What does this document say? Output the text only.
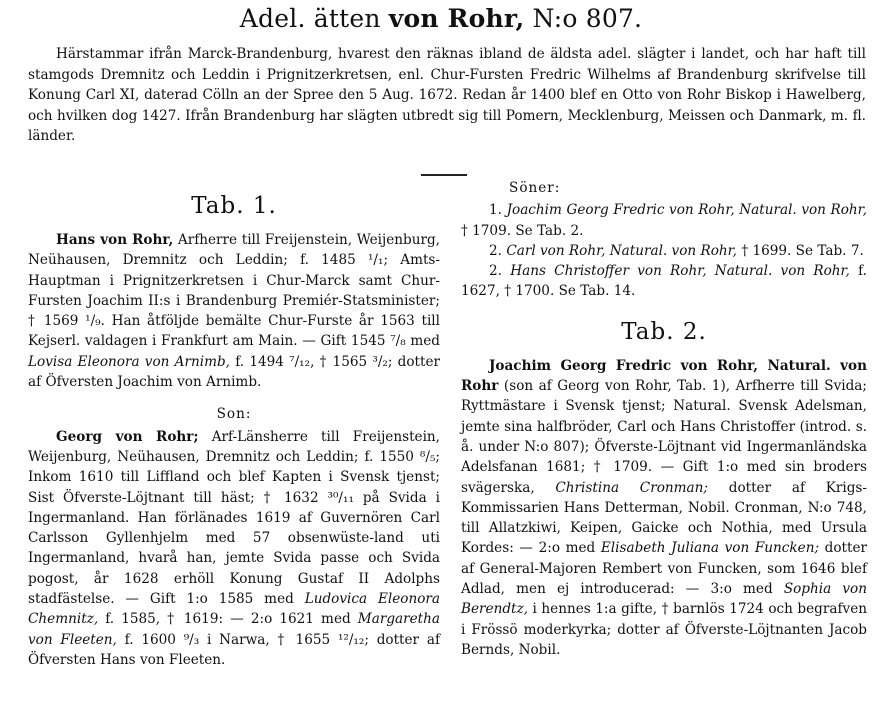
Adel. ätten von Rohr, N:o 807.

Härstammar ifrån Marck-Brandenburg, hvarest den räknas ibland de äldsta adel. slägter i landet, och har haft till stamgods Dremnitz och Leddin i Prignitzerkretsen, enl. Chur-Fursten Fredric Wilhelms af Brandenburg skrifvelse till Konung Carl XI, daterad Cölln an der Spree den 5 Aug. 1672. Redan år 1400 blef en Otto von Rohr Biskop i Hawelberg, och hvilken dog 1427. Ifrån Brandenburg har slägten utbredt sig till Pomern, Mecklenburg, Meissen och Danmark, m. fl. länder.

Tab. 1.

Hans von Rohr, Arfherre till Freijenstein, Weijenburg, Neühausen, Dremnitz och Leddin; f. 1485 ¹/₁; Amts-Hauptman i Prignitzerkretsen i Chur-Marck samt Chur-Fursten Joachim II:s i Brandenburg Premiér-Statsminister; † 1569 ¹/₉. Han åtföljde bemälte Chur-Furste år 1563 till Kejserl. valdagen i Frankfurt am Main. — Gift 1545 ⁷/₈ med Lovisa Eleonora von Arnimb, f. 1494 ⁷/₁₂, † 1565 ³/₂; dotter af Öfversten Joachim von Arnimb.

Son:

Georg von Rohr; Arf-Länsherre till Freijenstein, Weijenburg, Neühausen, Dremnitz och Leddin; f. 1550 ⁸/₅; Inkom 1610 till Liffland och blef Kapten i Svensk tjenst; Sist Öfverste-Löjtnant till häst; † 1632 ³⁰/₁₁ på Svida i Ingermanland. Han förlänades 1619 af Guvernören Carl Carlsson Gyllenhjelm med 57 obsenwüste-land uti Ingermanland, hvarå han, jemte Svida passe och Svida pogost, år 1628 erhöll Konung Gustaf II Adolphs stadfästelse. — Gift 1:o 1585 med Ludovica Eleonora Chemnitz, f. 1585, † 1619: — 2:o 1621 med Margaretha von Fleeten, f. 1600 ⁹/₃ i Narwa, † 1655 ¹²/₁₂; dotter af Öfversten Hans von Fleeten.

Söner:

1. Joachim Georg Fredric von Rohr, Natural. von Rohr, † 1709. Se Tab. 2.

2. Carl von Rohr, Natural. von Rohr, † 1699. Se Tab. 7.

2. Hans Christoffer von Rohr, Natural. von Rohr, f. 1627, † 1700. Se Tab. 14.

Tab. 2.

Joachim Georg Fredric von Rohr, Natural. von Rohr (son af Georg von Rohr, Tab. 1), Arfherre till Svida; Ryttmästare i Svensk tjenst; Natural. Svensk Adelsman, jemte sina halfbröder, Carl och Hans Christoffer (introd. s. å. under N:o 807); Öfverste-Löjtnant vid Ingermanländska Adelsfanan 1681; † 1709. — Gift 1:o med sin broders svägerska, Christina Cronman; dotter af Krigs-Kommissarien Hans Detterman, Nobil. Cronman, N:o 748, till Allatzkiwi, Keipen, Gaicke och Nothia, med Ursula Kordes: — 2:o med Elisabeth Juliana von Funcken; dotter af General-Majoren Rembert von Funcken, som 1646 blef Adlad, men ej introducerad: — 3:o med Sophia von Berendtz, i hennes 1:a gifte, † barnlös 1724 och begrafven i Frössö moderkyrka; dotter af Öfverste-Löjtnanten Jacob Bernds, Nobil.
